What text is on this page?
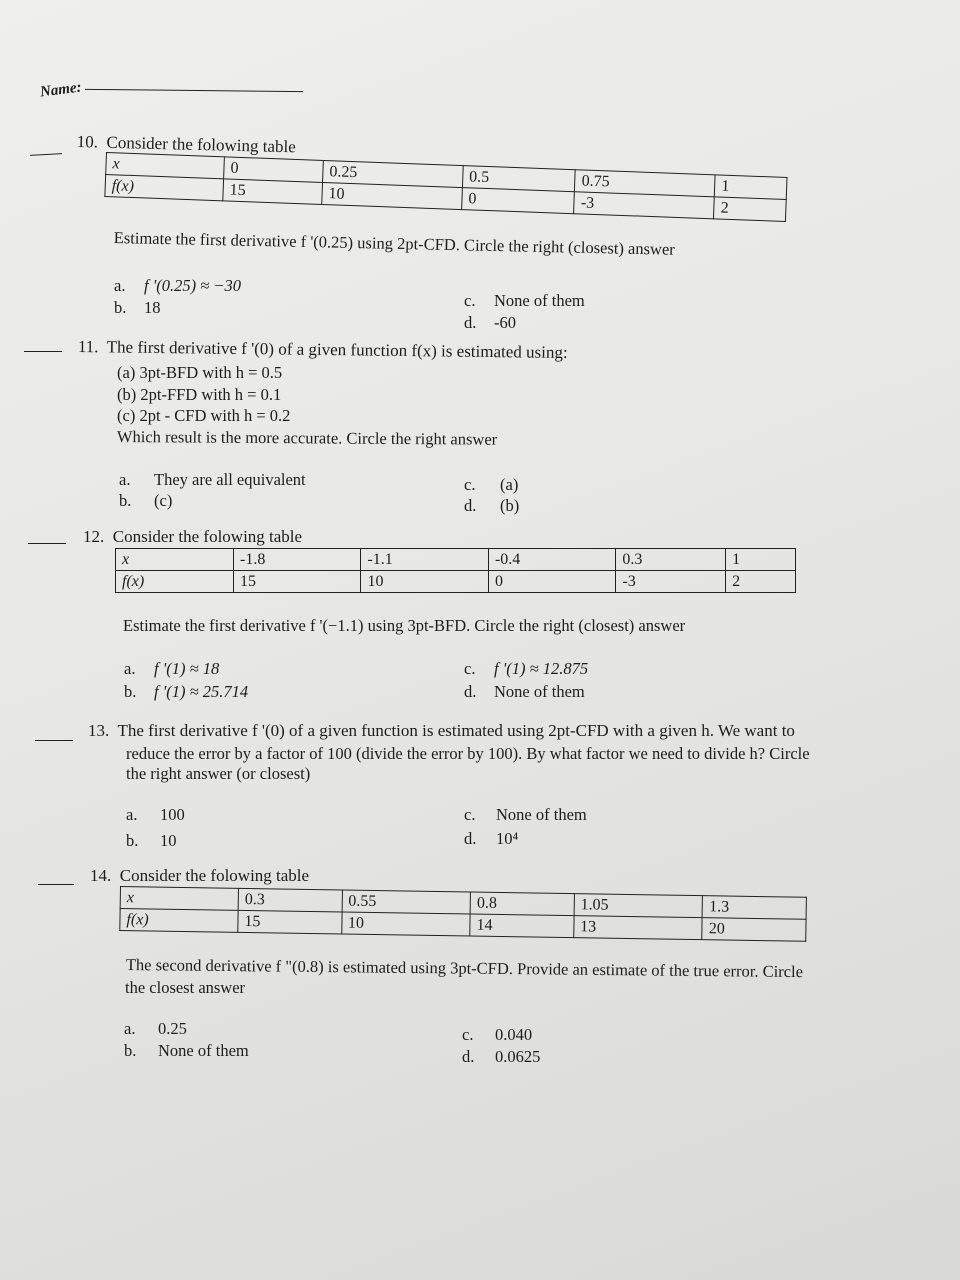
Name:
10. Consider the folowing table
x	0	0.25	0.5	0.75	1
f(x)	15	10	0	-3	2
Estimate the first derivative f '(0.25) using 2pt-CFD. Circle the right (closest) answer
a. f '(0.25) ≈ −30
b. 18	c. None of them
d. -60
11. The first derivative f '(0) of a given function f(x) is estimated using:
(a) 3pt-BFD with h = 0.5
(b) 2pt-FFD with h = 0.1
(c) 2pt - CFD with h = 0.2
Which result is the more accurate. Circle the right answer
a. They are all equivalent
b. (c)
c. (a)
d. (b)
12. Consider the folowing table
x	-1.8	-1.1	-0.4	0.3	1
f(x)	15	10	0	-3	2
Estimate the first derivative f '(−1.1) using 3pt-BFD. Circle the right (closest) answer
a. f '(1) ≈ 18
b. f '(1) ≈ 25.714
c. f '(1) ≈ 12.875
d. None of them
13. The first derivative f '(0) of a given function is estimated using 2pt-CFD with a given h. We want to
reduce the error by a factor of 100 (divide the error by 100). By what factor we need to divide h? Circle
the right answer (or closest)
a. 100
b. 10
c. None of them
d. 10⁴
14. Consider the folowing table
x	0.3	0.55	0.8	1.05	1.3
f(x)	15	10	14	13	20
The second derivative f "(0.8) is estimated using 3pt-CFD. Provide an estimate of the true error. Circle
the closest answer
a. 0.25
b. None of them
c. 0.040
d. 0.0625
